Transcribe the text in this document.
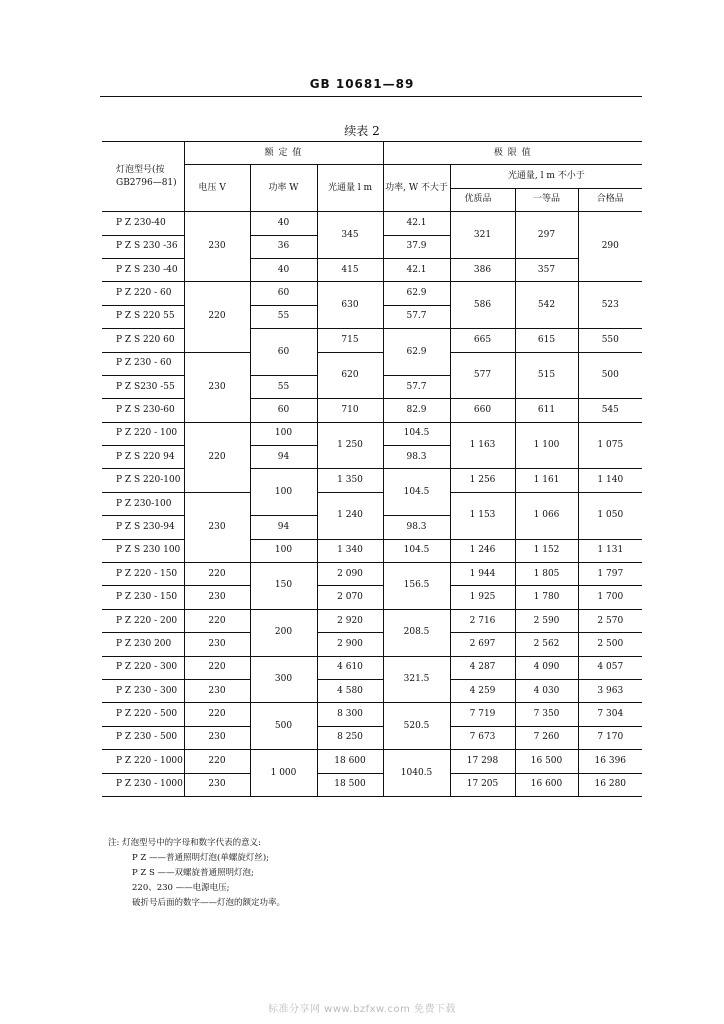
GB 10681—89
续表 2
灯泡型号(按 GB2796—81)	额 定 值			极 限 值			
	电压 V	功率 W	光通量 l m	功率, W 不大于	光通量, l m 不小于		
					优质品	一等品	合格品
P Z 230-40	230	40	345	42.1	321	297	290
P Z S 230 -36		36		37.9			
P Z S 230 -40		40	415	42.1	386	357	
P Z 220 - 60	220	60	630	62.9	586	542	523
P Z S 220 55		55		57.7			
P Z S 220 60		60	715	62.9	665	615	550
P Z 230 - 60	230		620		577	515	500
P Z S230 -55		55		57.7			
P Z S 230-60		60	710	82.9	660	611	545
P Z 220 - 100	220	100	1 250	104.5	1 163	1 100	1 075
P Z S 220 94		94		98.3			
P Z S 220-100		100	1 350	104.5	1 256	1 161	1 140
P Z 230-100	230		1 240		1 153	1 066	1 050
P Z S 230-94		94		98.3			
P Z S 230 100		100	1 340	104.5	1 246	1 152	1 131
P Z 220 - 150	220	150	2 090	156.5	1 944	1 805	1 797
P Z 230 - 150	230		2 070		1 925	1 780	1 700
P Z 220 - 200	220	200	2 920	208.5	2 716	2 590	2 570
P Z 230 200	230		2 900		2 697	2 562	2 500
P Z 220 - 300	220	300	4 610	321.5	4 287	4 090	4 057
P Z 230 - 300	230		4 580		4 259	4 030	3 963
P Z 220 - 500	220	500	8 300	520.5	7 719	7 350	7 304
P Z 230 - 500	230		8 250		7 673	7 260	7 170
P Z 220 - 1000	220	1 000	18 600	1040.5	17 298	16 500	16 396
P Z 230 - 1000	230		18 500		17 205	16 600	16 280
注: 灯泡型号中的字母和数字代表的意义:
P Z ——普通照明灯泡(单螺旋灯丝);
P Z S ——双螺旋普通照明灯泡;
220、230 ——电源电压;
破折号后面的数字——灯泡的额定功率。
标准分享网 www.bzfxw.com 免费下载
